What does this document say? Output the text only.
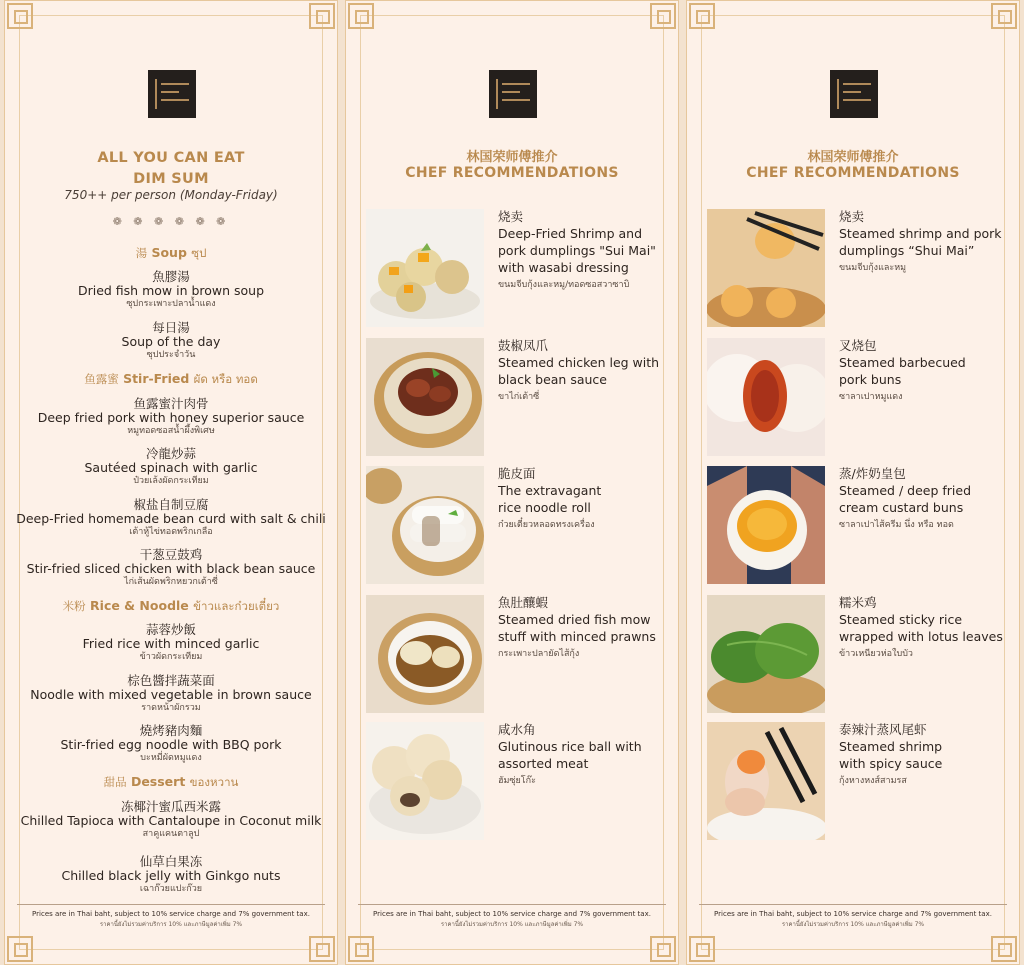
ALL YOU CAN EAT
DIM SUM
750++ per person (Monday-Friday)
❁ ❁ ❁ ❁ ❁ ❁
湯 Soup ซุป
魚膠湯
Dried fish mow in brown soup
ซุปกระเพาะปลาน้ำแดง
每日湯
Soup of the day
ซุปประจำวัน
鱼露蜜 Stir-Fried ผัด หรือ ทอด
鱼露蜜汁肉骨
Deep fried pork with honey superior sauce
หมูทอดซอสน้ำผึ้งพิเศษ
冷龍炒蒜
Sautéed spinach with garlic
ป๋วยเล้งผัดกระเทียม
椒盐自制豆腐
Deep-Fried homemade bean curd with salt & chili
เต้าหู้ไข่ทอดพริกเกลือ
干葱豆鼓鸡
Stir-fried sliced chicken with black bean sauce
ไก่เส้นผัดพริกหยวกเต้าซี่
米粉 Rice & Noodle ข้าวและก๋วยเตี๋ยว
蒜蓉炒飯
Fried rice with minced garlic
ข้าวผัดกระเทียม
棕色醬拌蔬菜面
Noodle with mixed vegetable in brown sauce
ราดหน้าผักรวม
燒烤豬肉麵
Stir-fried egg noodle with BBQ pork
บะหมี่ผัดหมูแดง
甜品 Dessert ของหวาน
冻椰汁蜜瓜西米露
Chilled Tapioca with Cantaloupe in Coconut milk
สาคูแคนตาลูป
仙草白果冻
Chilled black jelly with Ginkgo nuts
เฉาก๊วยแปะก๊วย
Prices are in Thai baht, subject to 10% service charge and 7% government tax.
ราคานี้ยังไม่รวมค่าบริการ 10% และภาษีมูลค่าเพิ่ม 7%
林国荣师傅推介
CHEF RECOMMENDATIONS
烧卖
Deep-Fried Shrimp and
pork dumplings "Sui Mai"
with wasabi dressing
ขนมจีบกุ้งและหมู/ทอดซอสวาซาบิ
鼓椒凤爪
Steamed chicken leg with
black bean sauce
ขาไก่เต้าซี่
脆皮面
The extravagant
rice noodle roll
ก๋วยเตี๋ยวหลอดทรงเครื่อง
魚肚釀蝦
Steamed dried fish mow
stuff with minced prawns
กระเพาะปลายัดไส้กุ้ง
咸水角
Glutinous rice ball with
assorted meat
ฮัมซุ่ยโก๊ะ
Prices are in Thai baht, subject to 10% service charge and 7% government tax.
ราคานี้ยังไม่รวมค่าบริการ 10% และภาษีมูลค่าเพิ่ม 7%
林国荣师傅推介
CHEF RECOMMENDATIONS
烧卖
Steamed shrimp and pork
dumplings “Shui Mai”
ขนมจีบกุ้งและหมู
叉烧包
Steamed barbecued
pork buns
ซาลาเปาหมูแดง
蒸/炸奶皇包
Steamed / deep fried
cream custard buns
ซาลาเปาไส้ครีม นึ่ง หรือ ทอด
糯米鸡
Steamed sticky rice
wrapped with lotus leaves
ข้าวเหนียวห่อใบบัว
泰辣汁蒸风尾虾
Steamed shrimp
with spicy sauce
กุ้งหางหงส์สามรส
Prices are in Thai baht, subject to 10% service charge and 7% government tax.
ราคานี้ยังไม่รวมค่าบริการ 10% และภาษีมูลค่าเพิ่ม 7%
